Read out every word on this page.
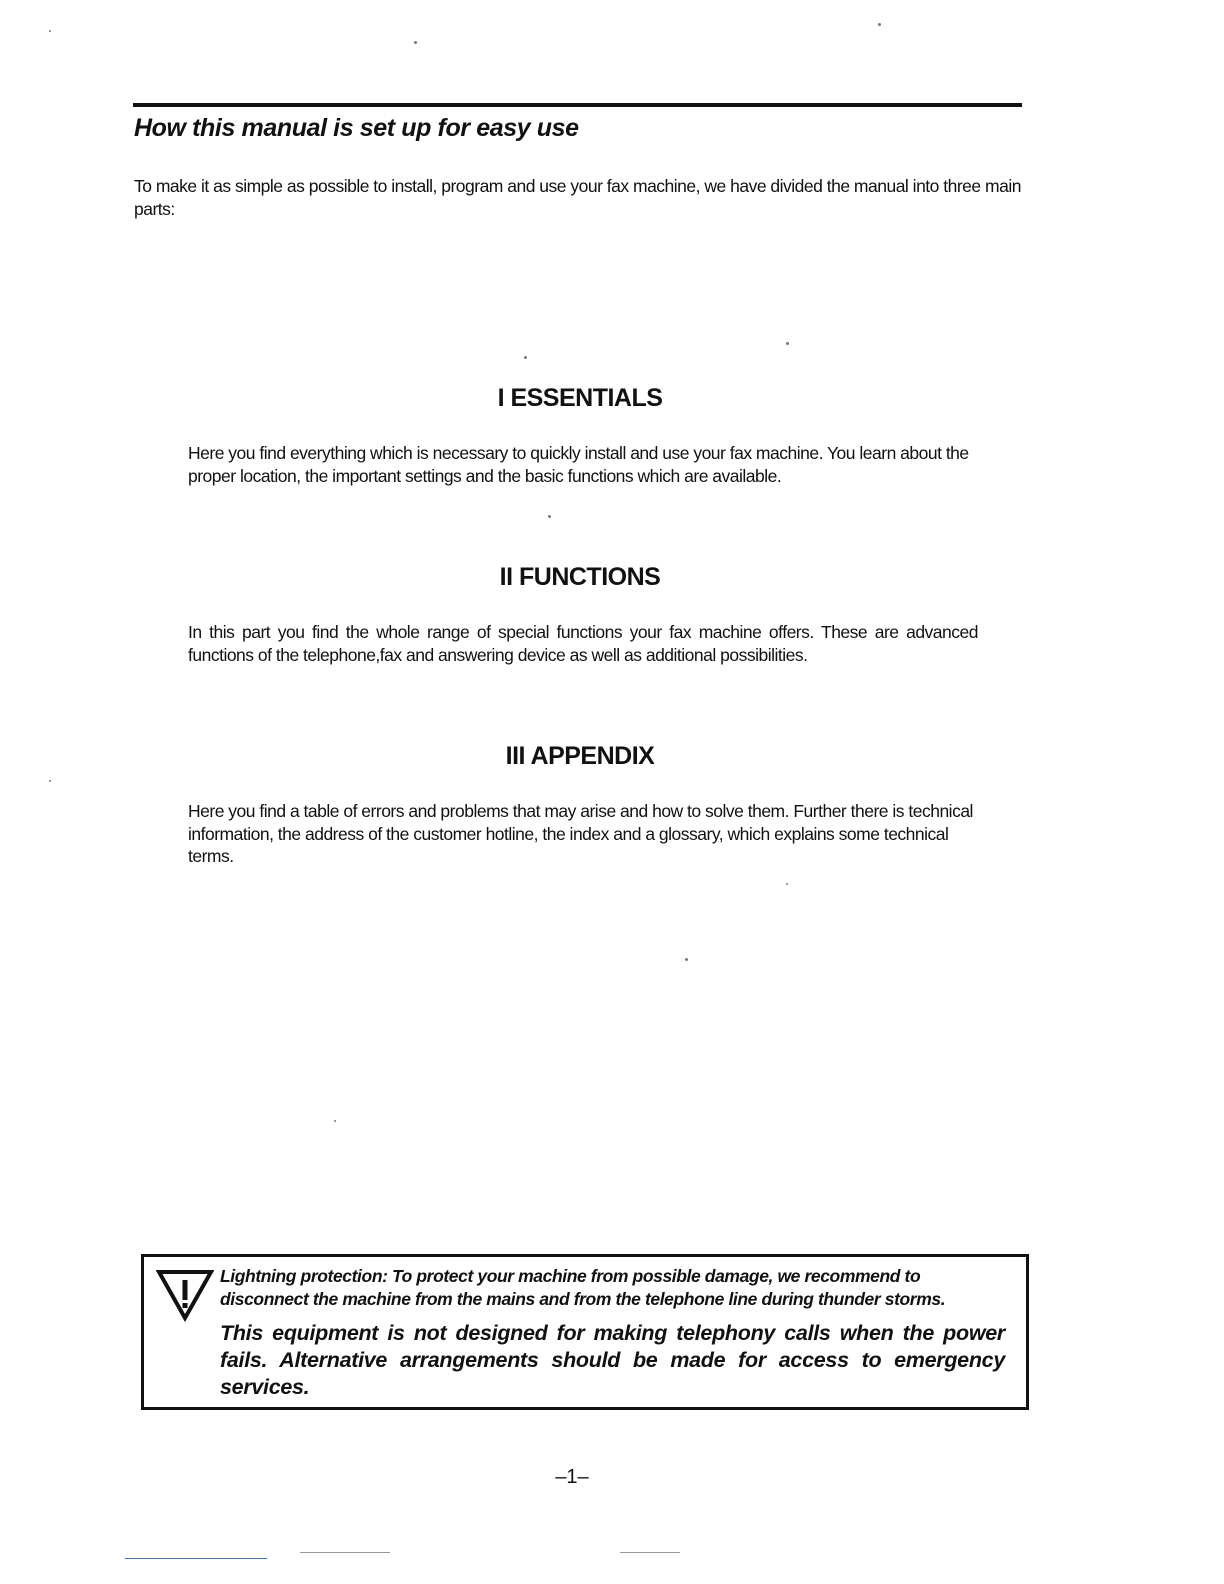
How this manual is set up for easy use

To make it as simple as possible to install, program and use your fax machine, we have divided the manual into three main parts:

I ESSENTIALS

Here you find everything which is necessary to quickly install and use your fax machine. You learn about the proper location, the important settings and the basic functions which are available.

II FUNCTIONS

In this part you find the whole range of special functions your fax machine offers. These are advanced functions of the telephone,fax and answering device as well as additional possibilities.

III APPENDIX

Here you find a table of errors and problems that may arise and how to solve them. Further there is technical information, the address of the customer hotline, the index and a glossary, which explains some technical terms.

Lightning protection: To protect your machine from possible damage, we recommend to disconnect the machine from the mains and from the telephone line during thunder storms.

This equipment is not designed for making telephony calls when the power fails. Alternative arrangements should be made for access to emergency services.

–1–
